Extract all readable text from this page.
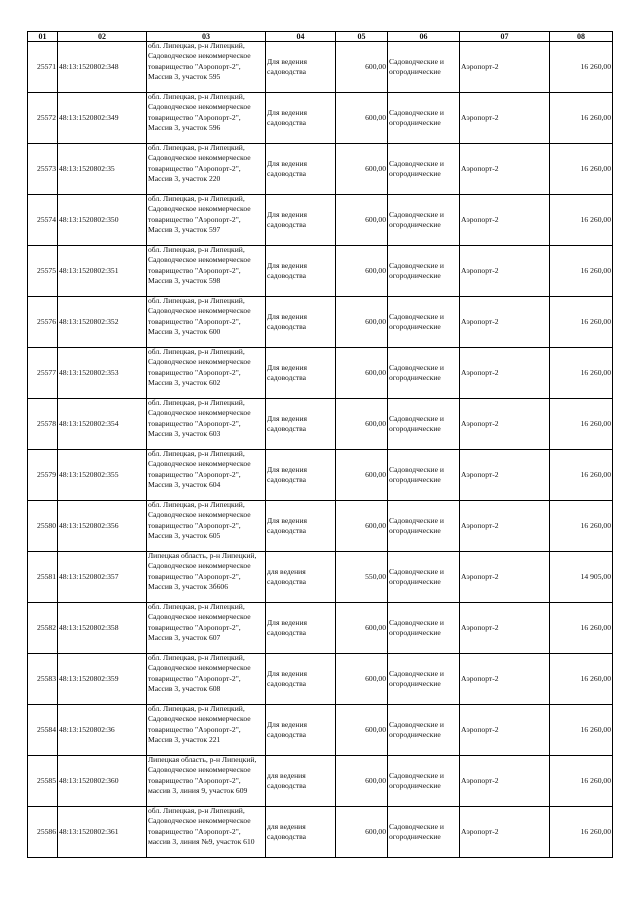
01	02	03	04	05	06	07	08
25571	48:13:1520802:348	обл. Липецкая, р-н Липецкий, Садоводческое некоммерческое товарищество "Аэропорт-2", Массив 3, участок 595	Для ведения садоводства	600,00	Садоводческие и огороднические	Аэропорт-2	16 260,00
25572	48:13:1520802:349	обл. Липецкая, р-н Липецкий, Садоводческое некоммерческое товарищество "Аэропорт-2", Массив 3, участок 596	Для ведения садоводства	600,00	Садоводческие и огороднические	Аэропорт-2	16 260,00
25573	48:13:1520802:35	обл. Липецкая, р-н Липецкий, Садоводческое некоммерческое товарищество "Аэропорт-2", Массив 3, участок 220	Для ведения садоводства	600,00	Садоводческие и огороднические	Аэропорт-2	16 260,00
25574	48:13:1520802:350	обл. Липецкая, р-н Липецкий, Садоводческое некоммерческое товарищество "Аэропорт-2", Массив 3, участок 597	Для ведения садоводства	600,00	Садоводческие и огороднические	Аэропорт-2	16 260,00
25575	48:13:1520802:351	обл. Липецкая, р-н Липецкий, Садоводческое некоммерческое товарищество "Аэропорт-2", Массив 3, участок 598	Для ведения садоводства	600,00	Садоводческие и огороднические	Аэропорт-2	16 260,00
25576	48:13:1520802:352	обл. Липецкая, р-н Липецкий, Садоводческое некоммерческое товарищество "Аэропорт-2", Массив 3, участок 600	Для ведения садоводства	600,00	Садоводческие и огороднические	Аэропорт-2	16 260,00
25577	48:13:1520802:353	обл. Липецкая, р-н Липецкий, Садоводческое некоммерческое товарищество "Аэропорт-2", Массив 3, участок 602	Для ведения садоводства	600,00	Садоводческие и огороднические	Аэропорт-2	16 260,00
25578	48:13:1520802:354	обл. Липецкая, р-н Липецкий, Садоводческое некоммерческое товарищество "Аэропорт-2", Массив 3, участок 603	Для ведения садоводства	600,00	Садоводческие и огороднические	Аэропорт-2	16 260,00
25579	48:13:1520802:355	обл. Липецкая, р-н Липецкий, Садоводческое некоммерческое товарищество "Аэропорт-2", Массив 3, участок 604	Для ведения садоводства	600,00	Садоводческие и огороднические	Аэропорт-2	16 260,00
25580	48:13:1520802:356	обл. Липецкая, р-н Липецкий, Садоводческое некоммерческое товарищество "Аэропорт-2", Массив 3, участок 605	Для ведения садоводства	600,00	Садоводческие и огороднические	Аэропорт-2	16 260,00
25581	48:13:1520802:357	Липецкая область, р-н Липецкий, Садоводческое некоммерческое товарищество "Аэропорт-2", Массив 3, участок 3б606	для ведения садоводства	550,00	Садоводческие и огороднические	Аэропорт-2	14 905,00
25582	48:13:1520802:358	обл. Липецкая, р-н Липецкий, Садоводческое некоммерческое товарищество "Аэропорт-2", Массив 3, участок 607	Для ведения садоводства	600,00	Садоводческие и огороднические	Аэропорт-2	16 260,00
25583	48:13:1520802:359	обл. Липецкая, р-н Липецкий, Садоводческое некоммерческое товарищество "Аэропорт-2", Массив 3, участок 608	Для ведения садоводства	600,00	Садоводческие и огороднические	Аэропорт-2	16 260,00
25584	48:13:1520802:36	обл. Липецкая, р-н Липецкий, Садоводческое некоммерческое товарищество "Аэропорт-2", Массив 3, участок 221	Для ведения садоводства	600,00	Садоводческие и огороднические	Аэропорт-2	16 260,00
25585	48:13:1520802:360	Липецкая область, р-н Липецкий, Садоводческое некоммерческое товарищество "Аэропорт-2", массив 3, линия 9, участок 609	для ведения садоводства	600,00	Садоводческие и огороднические	Аэропорт-2	16 260,00
25586	48:13:1520802:361	обл. Липецкая, р-н Липецкий, Садоводческое некоммерческое товарищество "Аэропорт-2", массив 3, линия №9, участок 610	для ведения садоводства	600,00	Садоводческие и огороднические	Аэропорт-2	16 260,00
